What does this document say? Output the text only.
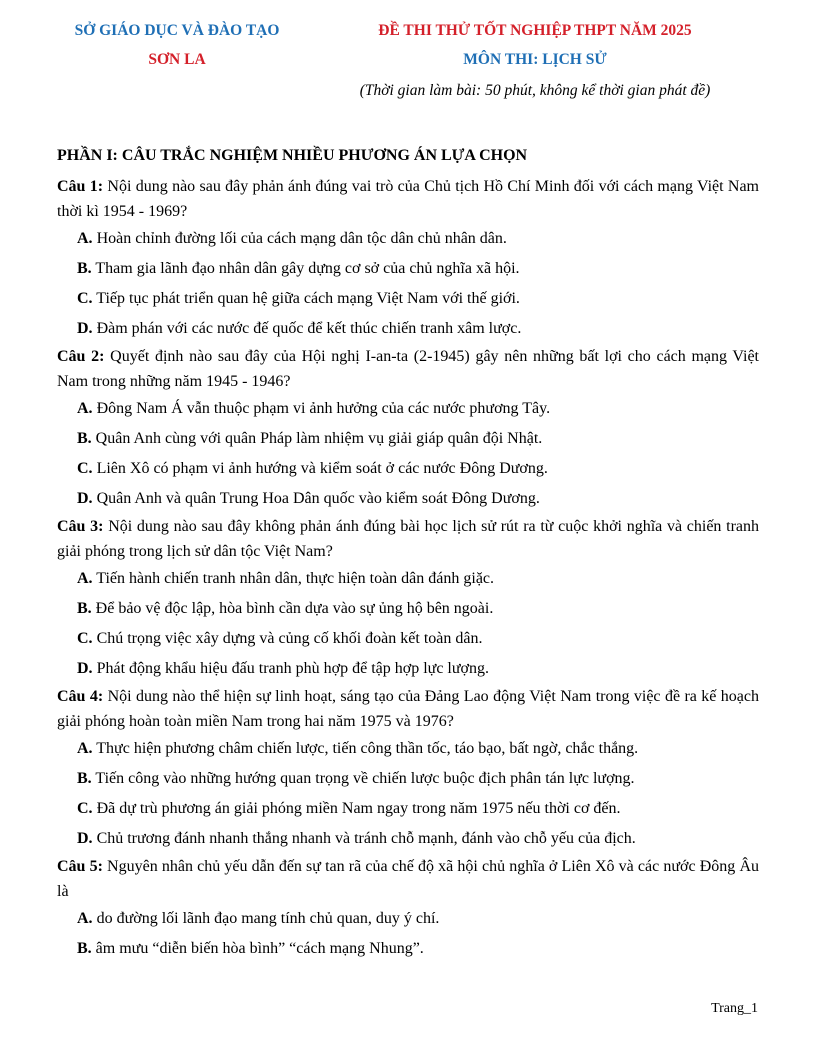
SỞ GIÁO DỤC VÀ ĐÀO TẠO
SƠN LA
ĐỀ THI THỬ TỐT NGHIỆP THPT NĂM 2025
MÔN THI: LỊCH SỬ
(Thời gian làm bài: 50 phút, không kể thời gian phát đề)
PHẦN I: CÂU TRẮC NGHIỆM NHIỀU PHƯƠNG ÁN LỰA CHỌN

Câu 1: Nội dung nào sau đây phản ánh đúng vai trò của Chủ tịch Hồ Chí Minh đối với cách mạng Việt Nam thời kì 1954 - 1969?

A. Hoàn chỉnh đường lối của cách mạng dân tộc dân chủ nhân dân.

B. Tham gia lãnh đạo nhân dân gây dựng cơ sở của chủ nghĩa xã hội.

C. Tiếp tục phát triển quan hệ giữa cách mạng Việt Nam với thế giới.

D. Đàm phán với các nước đế quốc để kết thúc chiến tranh xâm lược.

Câu 2: Quyết định nào sau đây của Hội nghị I-an-ta (2-1945) gây nên những bất lợi cho cách mạng Việt Nam trong những năm 1945 - 1946?

A. Đông Nam Á vẫn thuộc phạm vi ảnh hưởng của các nước phương Tây.

B. Quân Anh cùng với quân Pháp làm nhiệm vụ giải giáp quân đội Nhật.

C. Liên Xô có phạm vi ảnh hướng và kiểm soát ở các nước Đông Dương.

D. Quân Anh và quân Trung Hoa Dân quốc vào kiểm soát Đông Dương.

Câu 3: Nội dung nào sau đây không phản ánh đúng bài học lịch sử rút ra từ cuộc khởi nghĩa và chiến tranh giải phóng trong lịch sử dân tộc Việt Nam?

A. Tiến hành chiến tranh nhân dân, thực hiện toàn dân đánh giặc.

B. Để bảo vệ độc lập, hòa bình cần dựa vào sự ủng hộ bên ngoài.

C. Chú trọng việc xây dựng và củng cố khối đoàn kết toàn dân.

D. Phát động khẩu hiệu đấu tranh phù hợp để tập hợp lực lượng.

Câu 4: Nội dung nào thể hiện sự linh hoạt, sáng tạo của Đảng Lao động Việt Nam trong việc đề ra kế hoạch giải phóng hoàn toàn miền Nam trong hai năm 1975 và 1976?

A. Thực hiện phương châm chiến lược, tiến công thần tốc, táo bạo, bất ngờ, chắc thắng.

B. Tiến công vào những hướng quan trọng về chiến lược buộc địch phân tán lực lượng.

C. Đã dự trù phương án giải phóng miền Nam ngay trong năm 1975 nếu thời cơ đến.

D. Chủ trương đánh nhanh thắng nhanh và tránh chỗ mạnh, đánh vào chỗ yếu của địch.

Câu 5: Nguyên nhân chủ yếu dẫn đến sự tan rã của chế độ xã hội chủ nghĩa ở Liên Xô và các nước Đông Âu là

A. do đường lối lãnh đạo mang tính chủ quan, duy ý chí.

B. âm mưu “diễn biến hòa bình” “cách mạng Nhung”.

Trang_1
